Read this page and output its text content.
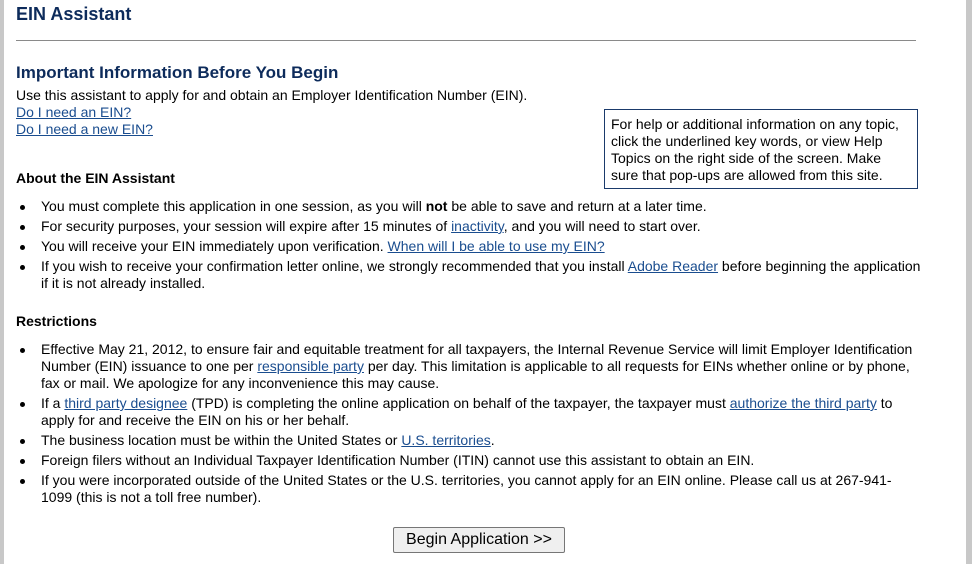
EIN Assistant
Important Information Before You Begin
Use this assistant to apply for and obtain an Employer Identification Number (EIN).
Do I need an EIN?
Do I need a new EIN?	For help or additional information on any topic, click the underlined key words, or view Help Topics on the right side of the screen. Make sure that pop-ups are allowed from this site.
About the EIN Assistant
You must complete this application in one session, as you will not be able to save and return at a later time.
For security purposes, your session will expire after 15 minutes of inactivity, and you will need to start over.
You will receive your EIN immediately upon verification. When will I be able to use my EIN?
If you wish to receive your confirmation letter online, we strongly recommended that you install Adobe Reader before beginning the application if it is not already installed.
Restrictions
Effective May 21, 2012, to ensure fair and equitable treatment for all taxpayers, the Internal Revenue Service will limit Employer Identification Number (EIN) issuance to one per responsible party per day. This limitation is applicable to all requests for EINs whether online or by phone, fax or mail. We apologize for any inconvenience this may cause.
If a third party designee (TPD) is completing the online application on behalf of the taxpayer, the taxpayer must authorize the third party to apply for and receive the EIN on his or her behalf.
The business location must be within the United States or U.S. territories.
Foreign filers without an Individual Taxpayer Identification Number (ITIN) cannot use this assistant to obtain an EIN.
If you were incorporated outside of the United States or the U.S. territories, you cannot apply for an EIN online. Please call us at 267-941-1099 (this is not a toll free number).
Begin Application >>
